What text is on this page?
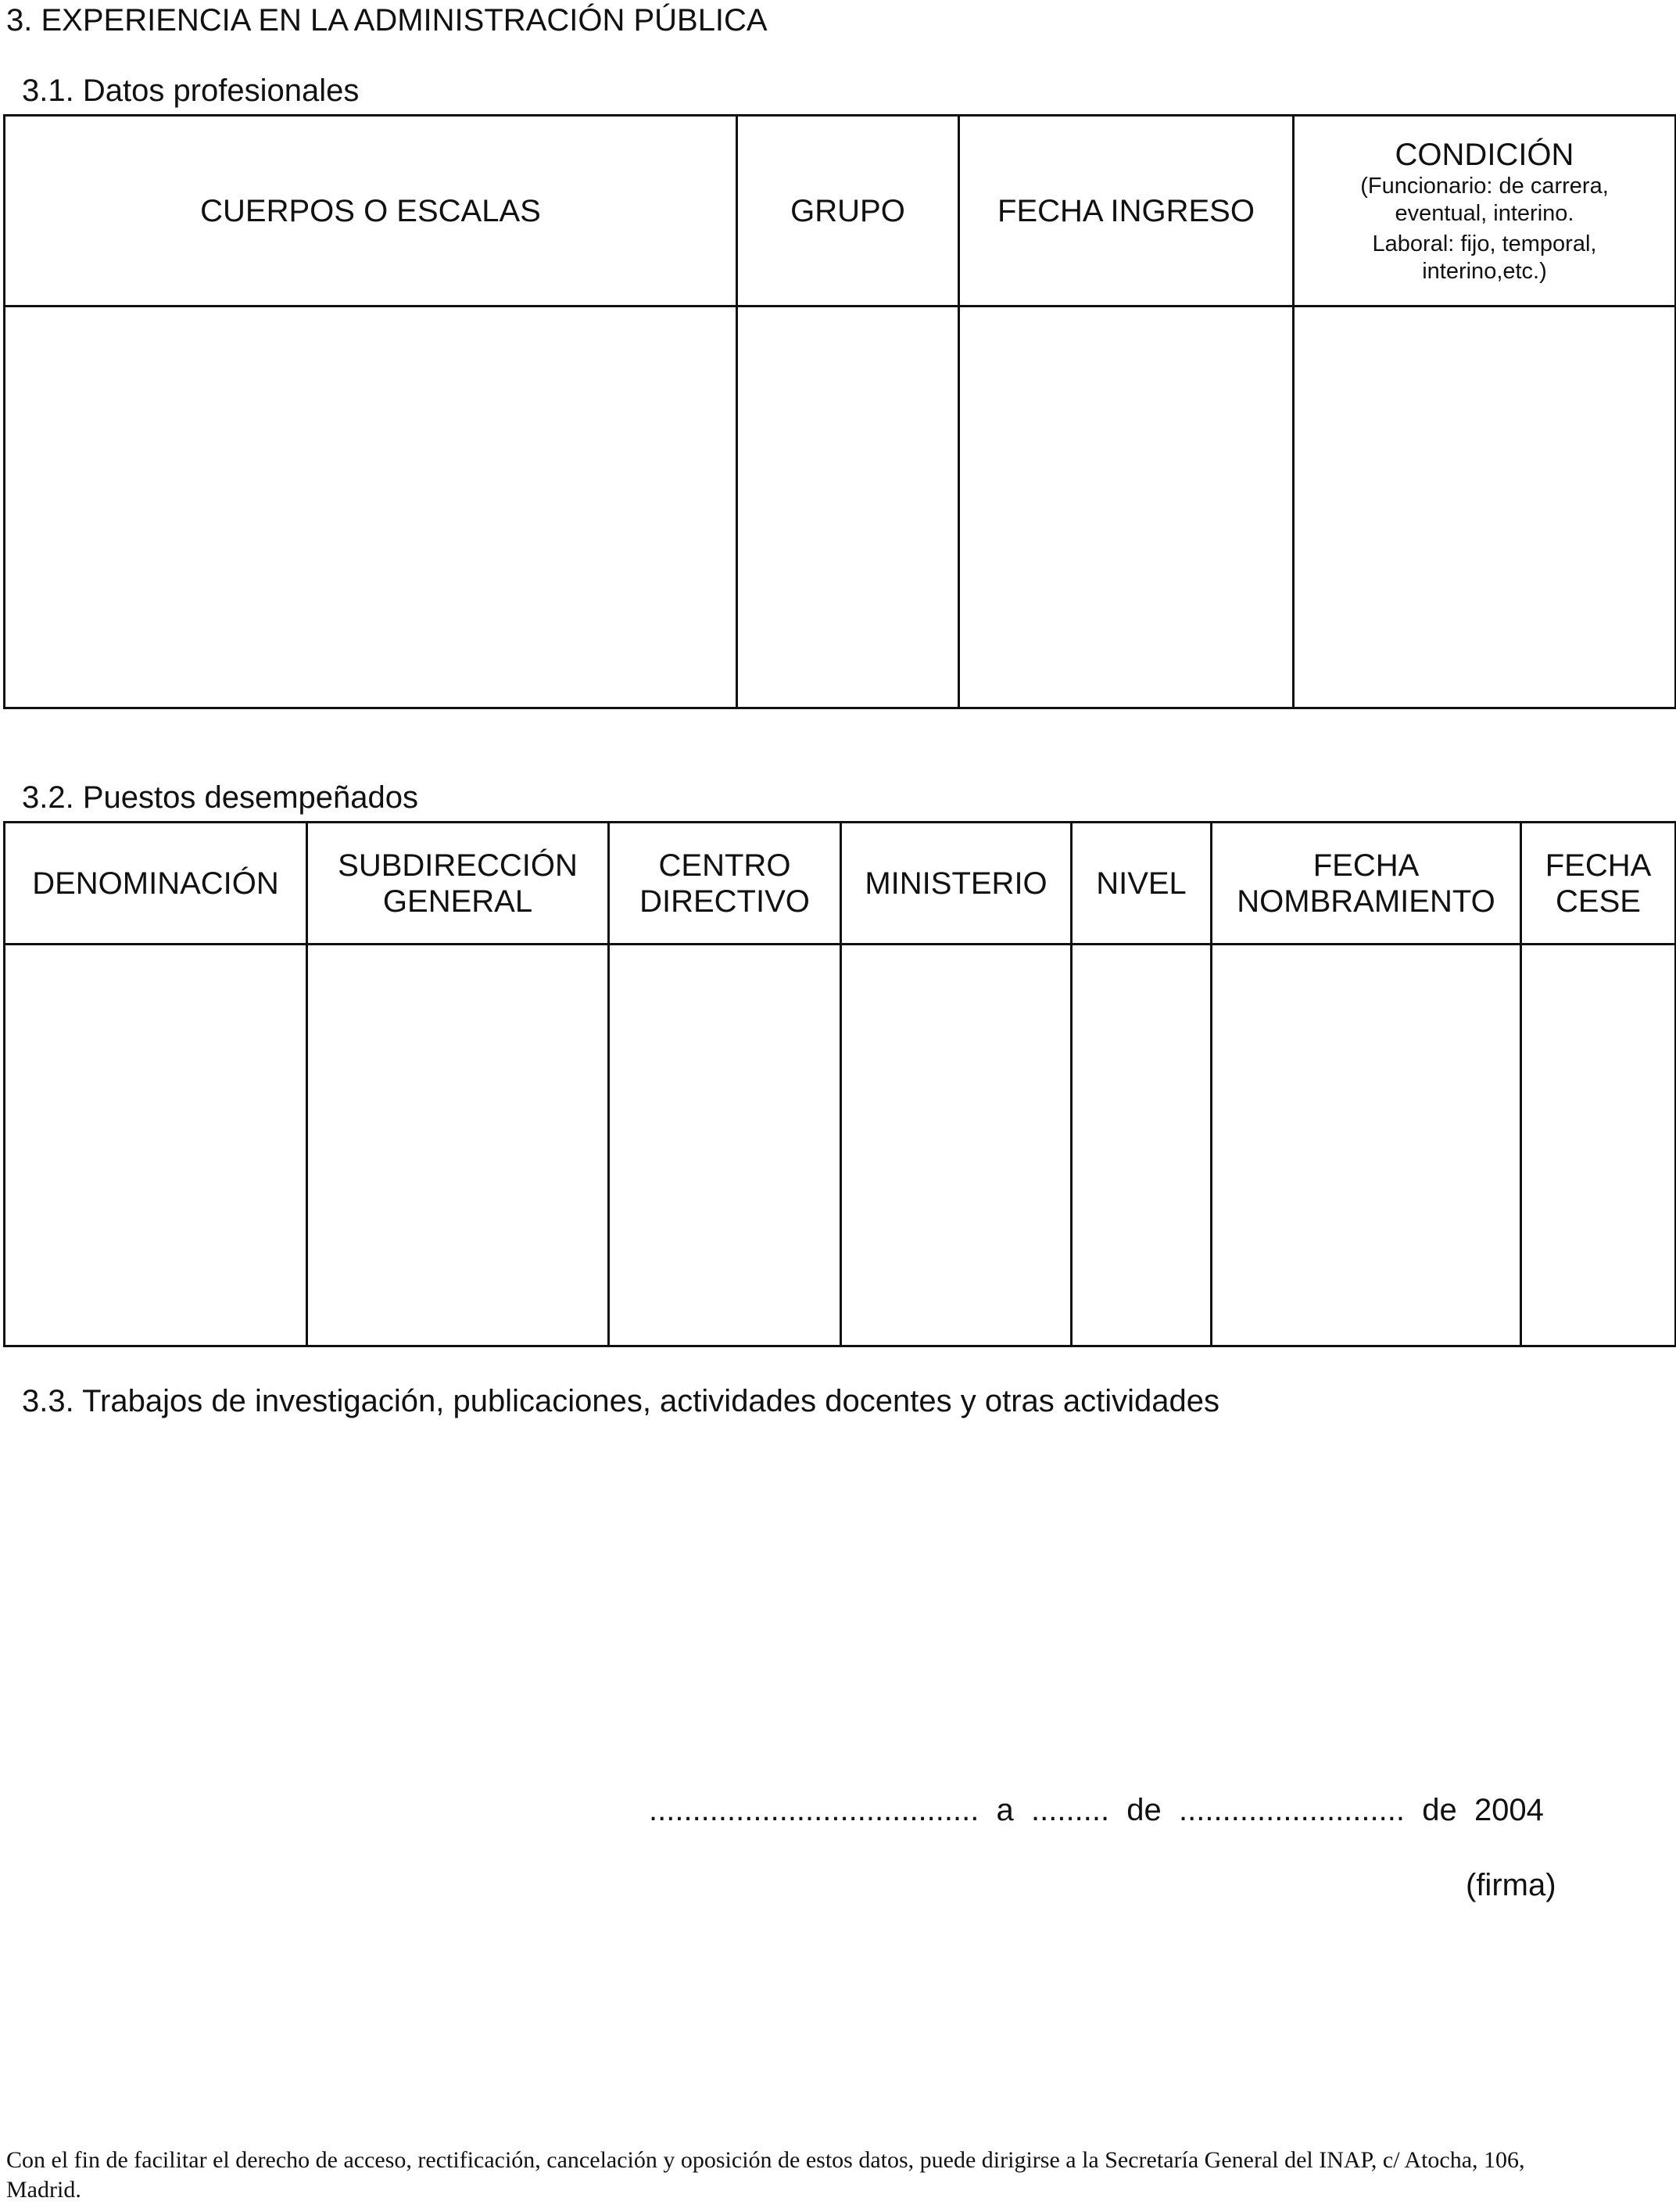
3. EXPERIENCIA EN LA ADMINISTRACIÓN PÚBLICA
3.1. Datos profesionales
CUERPOS O ESCALAS	GRUPO	FECHA INGRESO	CONDICIÓN
(Funcionario: de carrera, eventual, interino.
Laboral: fijo, temporal, interino,etc.)

3.2. Puestos desempeñados
DENOMINACIÓN	SUBDIRECCIÓN GENERAL	CENTRO DIRECTIVO	MINISTERIO	NIVEL	FECHA NOMBRAMIENTO	FECHA CESE

3.3. Trabajos de investigación, publicaciones, actividades docentes y otras actividades
...................................... a ......... de .......................... de  2004
(firma)
Con el fin de facilitar el derecho de acceso, rectificación, cancelación y oposición de estos datos, puede dirigirse a la Secretaría General del INAP, c/ Atocha, 106, Madrid.
